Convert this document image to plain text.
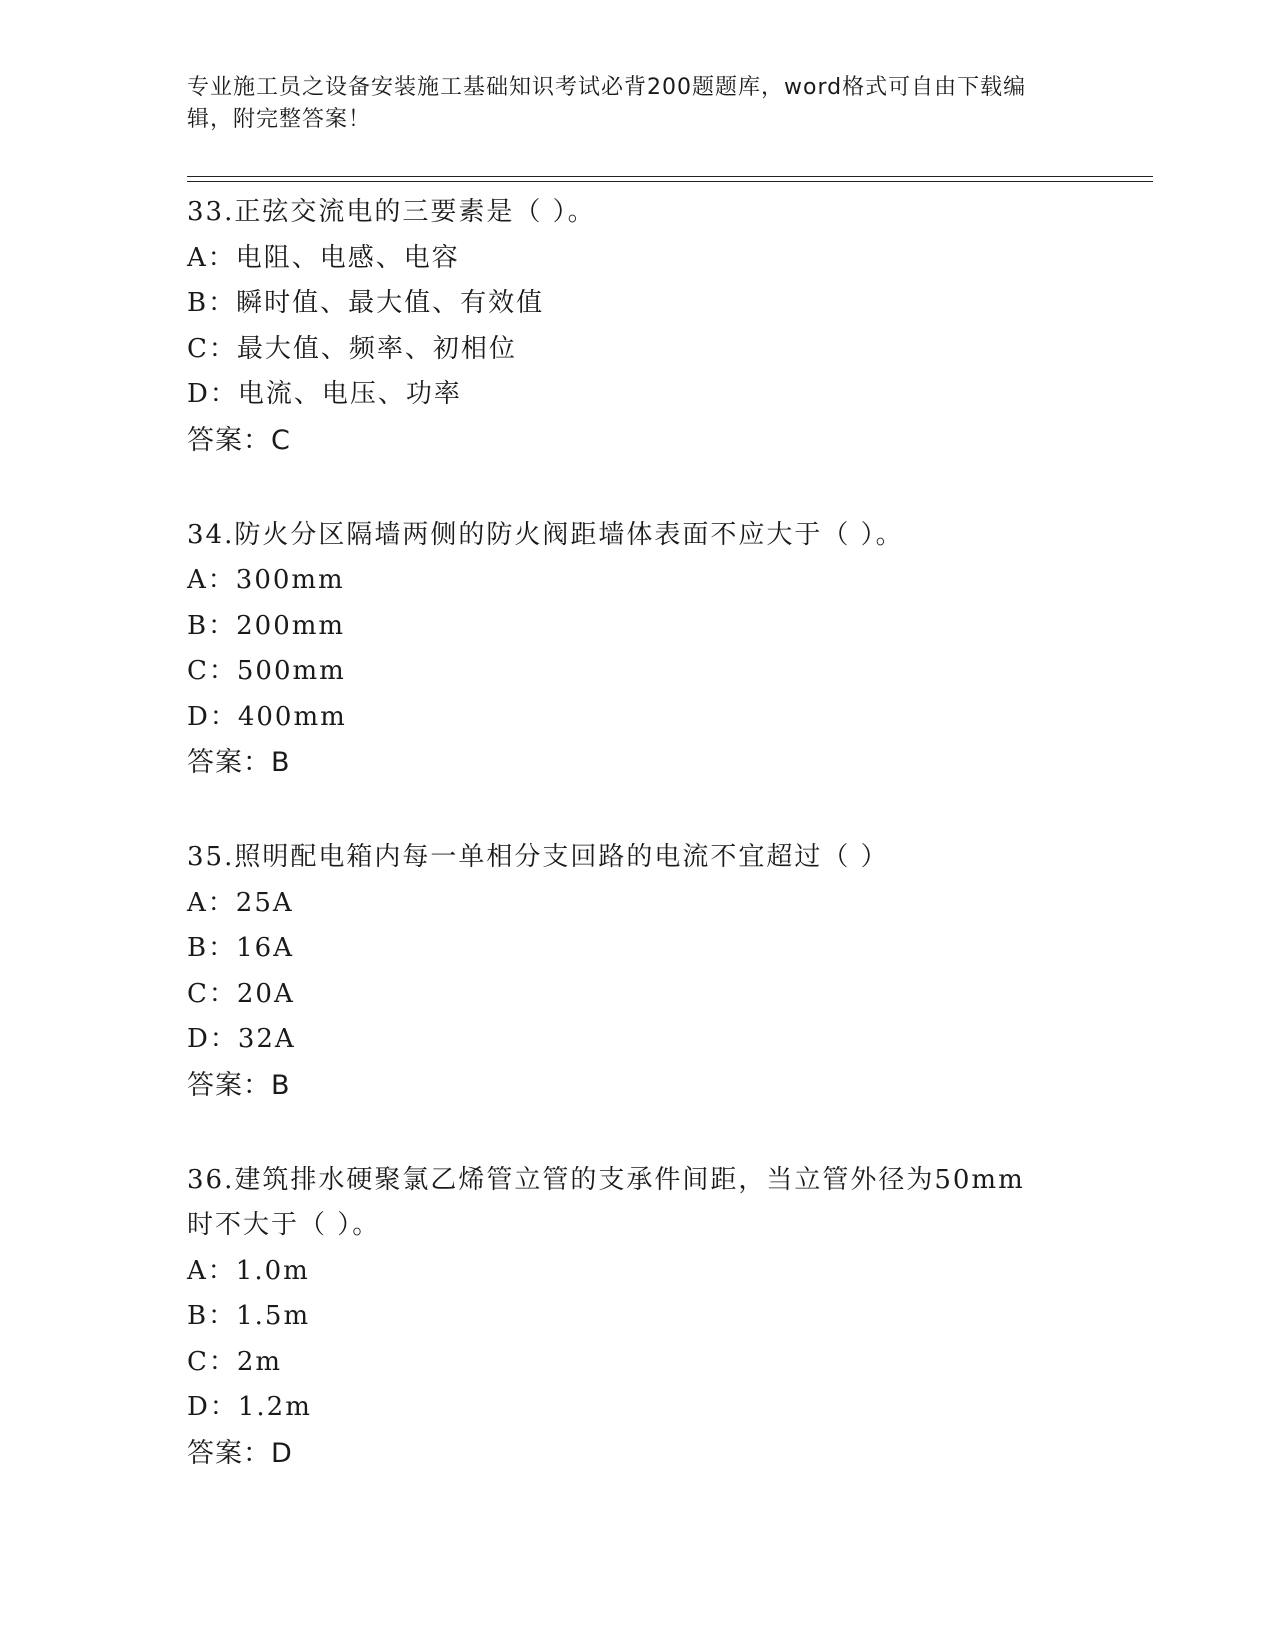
专业施工员之设备安装施工基础知识考试必背200题题库，word格式可自由下载编辑，附完整答案！

33.正弦交流电的三要素是（ ）。

A：电阻、电感、电容

B：瞬时值、最大值、有效值

C：最大值、频率、初相位

D：电流、电压、功率

答案：C

34.防火分区隔墙两侧的防火阀距墙体表面不应大于（ ）。

A：300mm

B：200mm

C：500mm

D：400mm

答案：B

35.照明配电箱内每一单相分支回路的电流不宜超过（ ）

A：25A

B：16A

C：20A

D：32A

答案：B

36.建筑排水硬聚氯乙烯管立管的支承件间距，当立管外径为50mm时不大于（ ）。

A：1.0m

B：1.5m

C：2m

D：1.2m

答案：D
